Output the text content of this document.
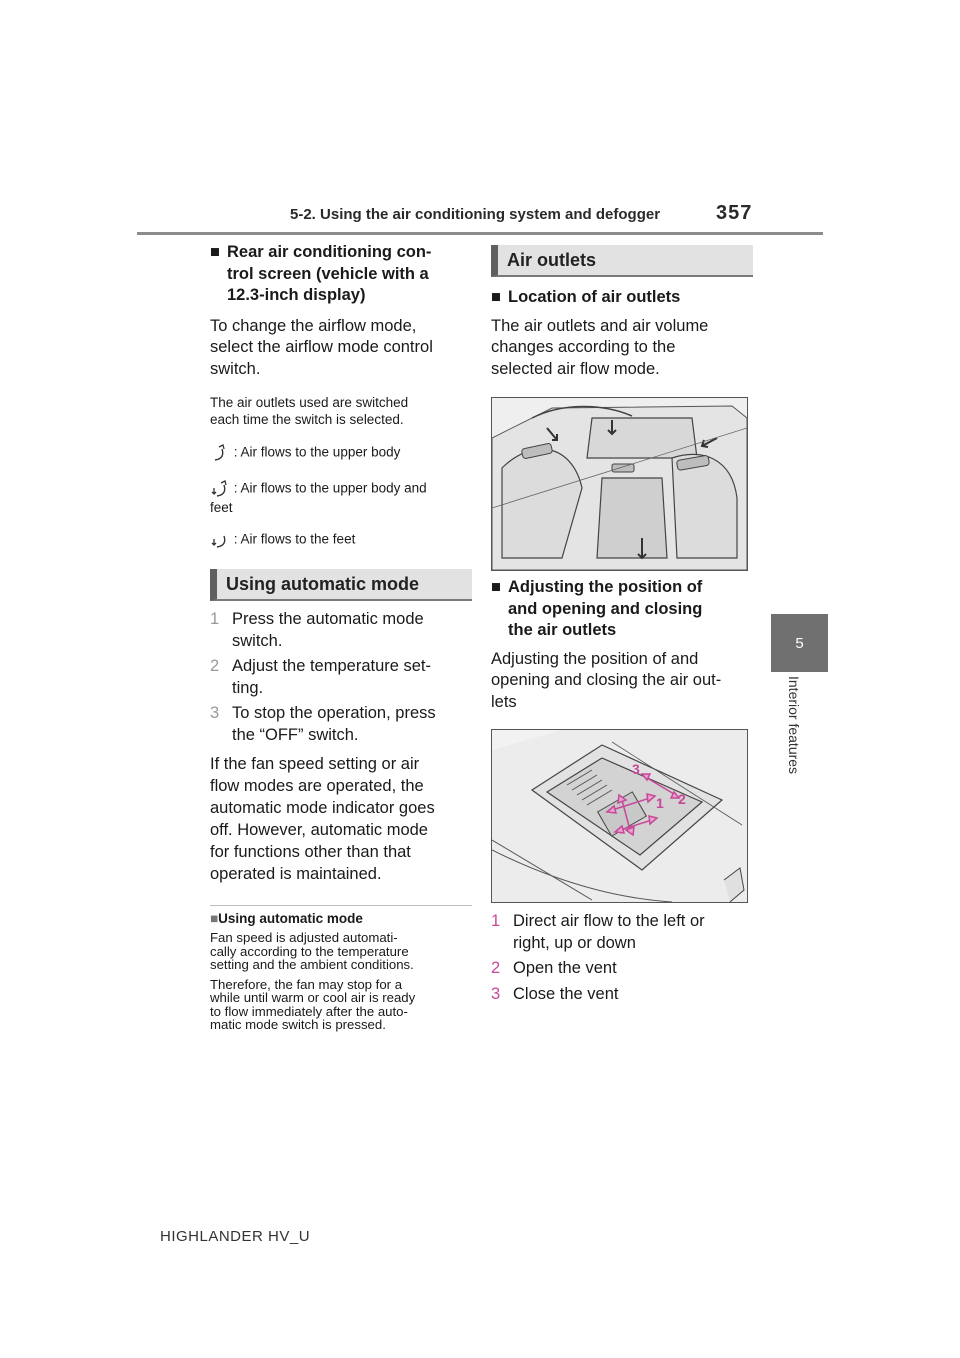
5-2. Using the air conditioning system and defogger	357
5
Interior features
■ Rear air conditioning con-
trol screen (vehicle with a
12.3-inch display)
To change the airflow mode,
select the airflow mode control
switch.
The air outlets used are switched
each time the switch is selected.
: Air flows to the upper body
: Air flows to the upper body and
feet
: Air flows to the feet
Using automatic mode
1 Press the automatic mode
switch.
2 Adjust the temperature set-
ting.
3 To stop the operation, press
the “OFF” switch.
If the fan speed setting or air
flow modes are operated, the
automatic mode indicator goes
off. However, automatic mode
for functions other than that
operated is maintained.
■Using automatic mode
Fan speed is adjusted automati-
cally according to the temperature
setting and the ambient conditions.
Therefore, the fan may stop for a
while until warm or cool air is ready
to flow immediately after the auto-
matic mode switch is pressed.
Air outlets
■ Location of air outlets
The air outlets and air volume
changes according to the
selected air flow mode.
■ Adjusting the position of
and opening and closing
the air outlets
Adjusting the position of and
opening and closing the air out-
lets
3
2
1
1 Direct air flow to the left or
right, up or down
2 Open the vent
3 Close the vent
HIGHLANDER HV_U
